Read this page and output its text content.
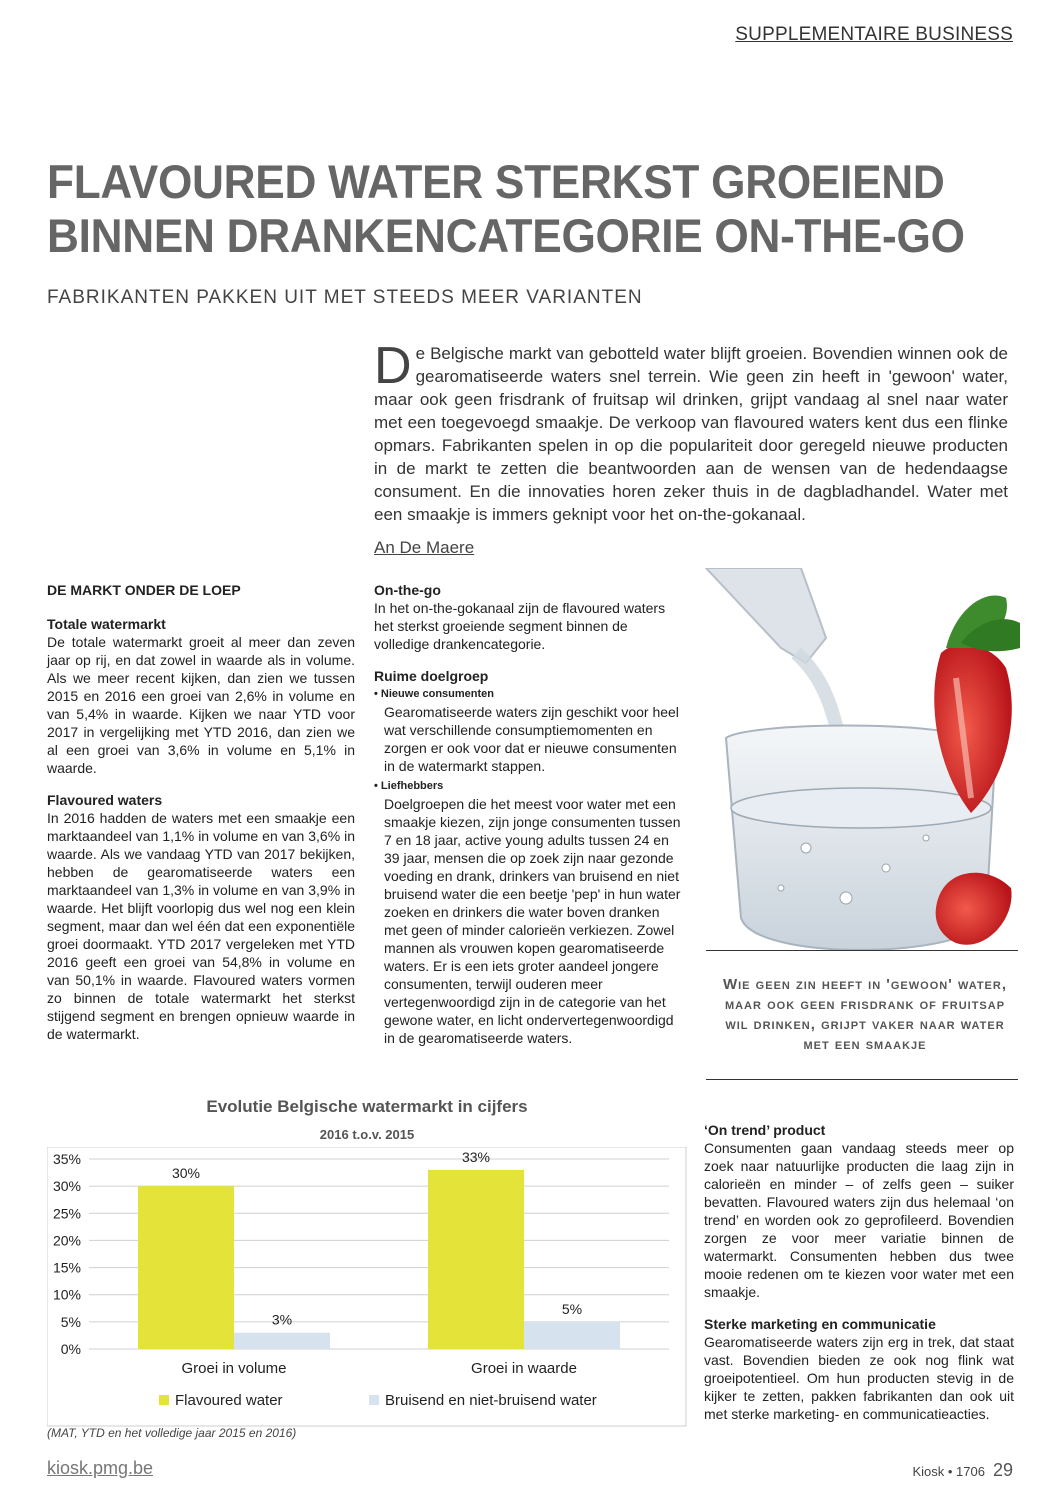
SUPPLEMENTAIRE BUSINESS
FLAVOURED WATER STERKST GROEIEND
BINNEN DRANKENCATEGORIE ON-THE-GO
FABRIKANTEN PAKKEN UIT MET STEEDS MEER VARIANTEN
De Belgische markt van gebotteld water blijft groeien. Bovendien winnen ook de gearomatiseerde waters snel terrein. Wie geen zin heeft in 'gewoon' water, maar ook geen frisdrank of fruitsap wil drinken, grijpt vandaag al snel naar water met een toegevoegd smaakje. De verkoop van flavoured waters kent dus een flinke opmars. Fabrikanten spelen in op die populariteit door geregeld nieuwe producten in de markt te zetten die beantwoorden aan de wensen van de hedendaagse consument. En die innovaties horen zeker thuis in de dagbladhandel. Water met een smaakje is immers geknipt voor het on-the-gokanaal.
An De Maere
DE MARKT ONDER DE LOEP
Totale watermarkt

De totale watermarkt groeit al meer dan zeven jaar op rij, en dat zowel in waarde als in volume. Als we meer recent kijken, dan zien we tussen 2015 en 2016 een groei van 2,6% in volume en van 5,4% in waarde. Kijken we naar YTD voor 2017 in vergelijking met YTD 2016, dan zien we al een groei van 3,6% in volume en 5,1% in waarde.

Flavoured waters

In 2016 hadden de waters met een smaakje een marktaandeel van 1,1% in volume en van 3,6% in waarde. Als we vandaag YTD van 2017 bekijken, hebben de gearomatiseerde waters een marktaandeel van 1,3% in volume en van 3,9% in waarde. Het blijft voorlopig dus wel nog een klein segment, maar dan wel één dat een exponentiële groei doormaakt. YTD 2017 vergeleken met YTD 2016 geeft een groei van 54,8% in volume en van 50,1% in waarde. Flavoured waters vormen zo binnen de totale watermarkt het sterkst stijgend segment en brengen opnieuw waarde in de watermarkt.

On-the-go

In het on-the-gokanaal zijn de flavoured waters het sterkst groeiende segment binnen de volledige drankencategorie.

Ruime doelgroep
• Nieuwe consumenten

Gearomatiseerde waters zijn geschikt voor heel wat verschillende consumptiemomenten en zorgen er ook voor dat er nieuwe consumenten in de watermarkt stappen.

• Liefhebbers

Doelgroepen die het meest voor water met een smaakje kiezen, zijn jonge consumenten tussen 7 en 18 jaar, active young adults tussen 24 en 39 jaar, mensen die op zoek zijn naar gezonde voeding en drank, drinkers van bruisend en niet bruisend water die een beetje 'pep' in hun water zoeken en drinkers die water boven dranken met geen of minder calorieën verkiezen. Zowel mannen als vrouwen kopen gearomatiseerde waters. Er is een iets groter aandeel jongere consumenten, terwijl ouderen meer vertegenwoordigd zijn in de categorie van het gewone water, en licht ondervertegenwoordigd in de gearomatiseerde waters.

Wie geen zin heeft in 'gewoon' water, maar ook geen frisdrank of fruitsap wil drinken, grijpt vaker naar water met een smaakje
‘On trend’ product

Consumenten gaan vandaag steeds meer op zoek naar natuurlijke producten die laag zijn in calorieën en minder – of zelfs geen – suiker bevatten. Flavoured waters zijn dus helemaal ‘on trend’ en worden ook zo geprofileerd. Bovendien zorgen ze voor meer variatie binnen de watermarkt. Consumenten hebben dus twee mooie redenen om te kiezen voor water met een smaakje.

Sterke marketing en communicatie

Gearomatiseerde waters zijn erg in trek, dat staat vast. Bovendien bieden ze ook nog flink wat groeipotentieel. Om hun producten stevig in de kijker te zetten, pakken fabrikanten dan ook uit met sterke marketing- en communicatieacties.

Evolutie Belgische watermarkt in cijfers
2016 t.o.v. 2015
0%
5%
10%
15%
20%
25%
30%
35%
30%
3%
Groei in volume
33%
5%
Groei in waarde
Flavoured water	Bruisend en niet-bruisend water
(MAT, YTD en het volledige jaar 2015 en 2016)
kiosk.pmg.be	Kiosk • 1706 29
